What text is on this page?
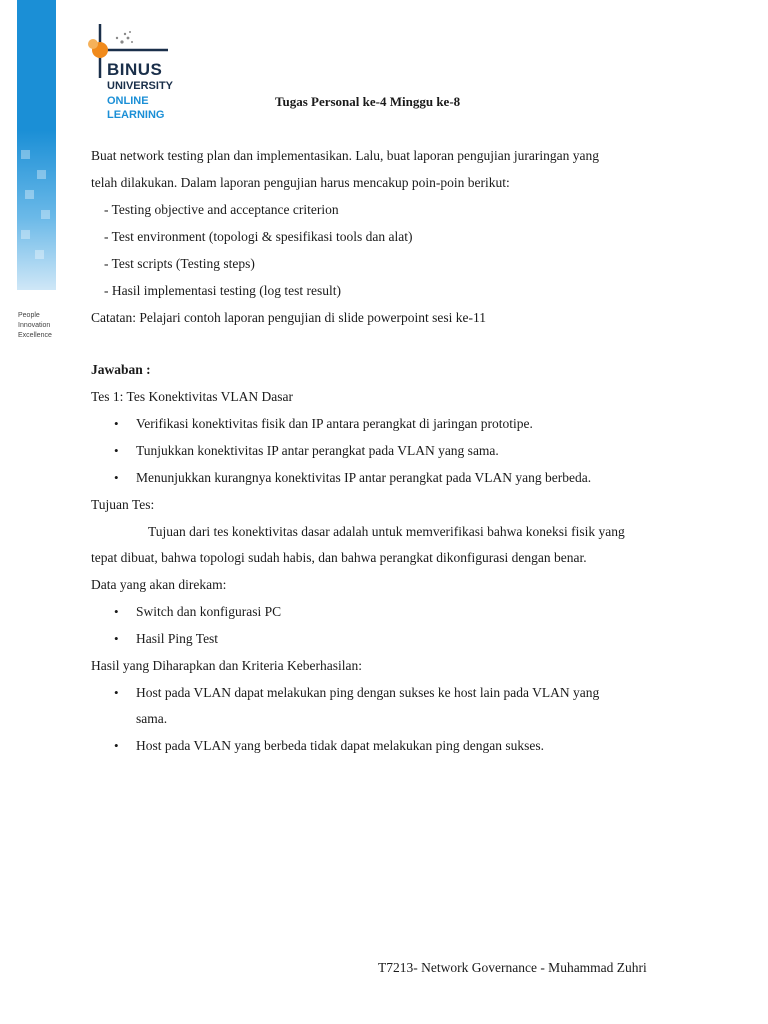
People
Innovation
Excellence
BINUS
UNIVERSITY
ONLINE
LEARNING
Tugas Personal ke-4 Minggu ke-8
Buat network testing plan dan implementasikan. Lalu, buat laporan pengujian juraringan yang
telah dilakukan. Dalam laporan pengujian harus mencakup poin-poin berikut:
- Testing objective and acceptance criterion
- Test environment (topologi & spesifikasi tools dan alat)
- Test scripts (Testing steps)
- Hasil implementasi testing (log test result)
Catatan: Pelajari contoh laporan pengujian di slide powerpoint sesi ke-11
Jawaban :
Tes 1: Tes Konektivitas VLAN Dasar
• Verifikasi konektivitas fisik dan IP antara perangkat di jaringan prototipe.
• Tunjukkan konektivitas IP antar perangkat pada VLAN yang sama.
• Menunjukkan kurangnya konektivitas IP antar perangkat pada VLAN yang berbeda.
Tujuan Tes:
Tujuan dari tes konektivitas dasar adalah untuk memverifikasi bahwa koneksi fisik yang
tepat dibuat, bahwa topologi sudah habis, dan bahwa perangkat dikonfigurasi dengan benar.
Data yang akan direkam:
• Switch dan konfigurasi PC
• Hasil Ping Test
Hasil yang Diharapkan dan Kriteria Keberhasilan:
• Host pada VLAN dapat melakukan ping dengan sukses ke host lain pada VLAN yang
sama.
• Host pada VLAN yang berbeda tidak dapat melakukan ping dengan sukses.
T7213- Network Governance - Muhammad Zuhri
